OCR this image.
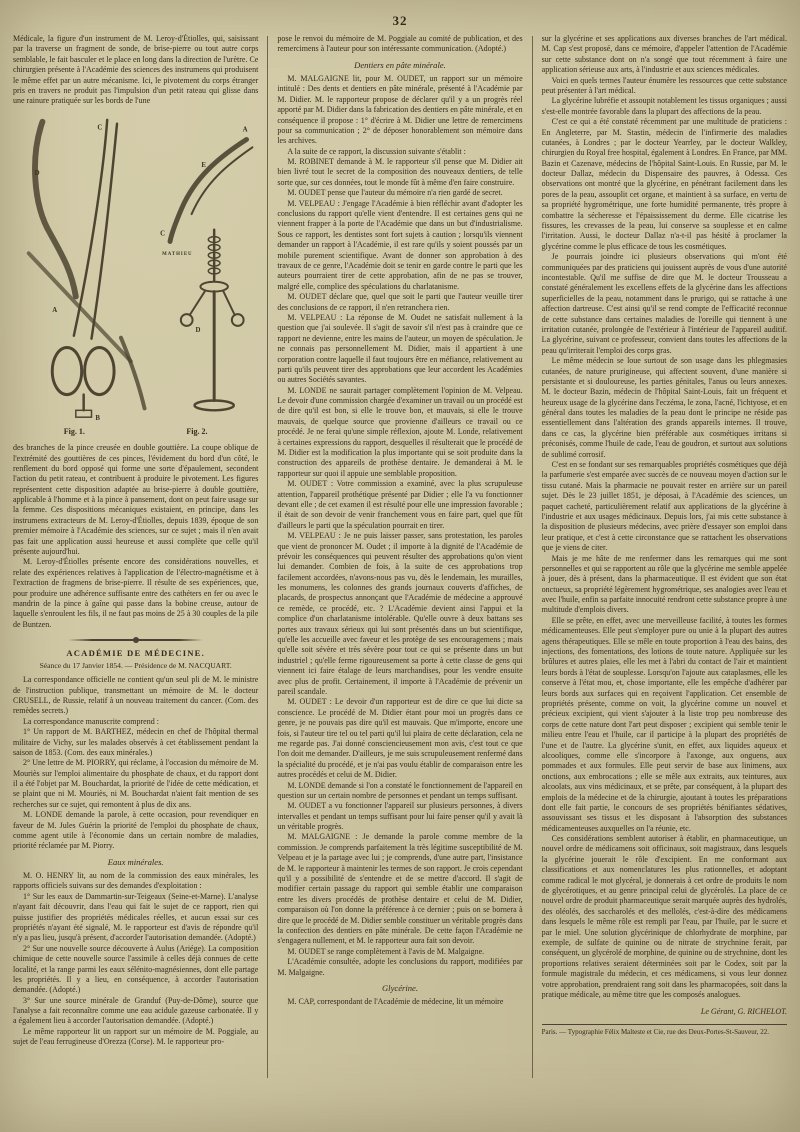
32

Médicale, la figure d'un instrument de M. Leroy-d'Étiolles, qui, saisissant par la traverse un fragment de sonde, de brise-pierre ou tout autre corps semblable, le fait basculer et le place en long dans la direction de l'urètre. Ce chirurgien présente à l'Académie des sciences des instrumens qui produisent le même effet par un autre mécanisme. Ici, le pivotement du corps étranger pris en travers ne produit pas l'impulsion d'un petit rateau qui glisse dans une rainure pratiquée sur les bords de l'une

D
C
A
B
A
E
C
D
MATHIEU
Fig. 1.	Fig. 2.

des branches de la pince creusée en double gouttière. La coupe oblique de l'extrémité des gouttières de ces pinces, l'évidement du bord d'un côté, le renflement du bord opposé qui forme une sorte d'épaulement, secondent l'action du petit rateau, et contribuent à produire le pivotement. Les figures représentent cette disposition adaptée au brise-pierre à double gouttière, applicable à l'homme et à la pince à pansement, dont on peut faire usage sur la femme. Ces dispositions mécaniques existaient, en principe, dans les instrumens extracteurs de M. Leroy-d'Étiolles, depuis 1839, époque de son premier mémoire à l'Académie des sciences, sur ce sujet ; mais il n'en avait pas fait une application aussi heureuse et aussi complète que celle qu'il présente aujourd'hui.

M. Leroy-d'Étiolles présente encore des considérations nouvelles, et relate des expériences relatives à l'application de l'électro-magnétisme et à l'extraction de fragmens de brise-pierre. Il résulte de ses expériences, que, pour produire une adhérence suffisante entre des cathéters en fer ou avec le mandrin de la pince à gaîne qui passe dans la bobine creuse, autour de laquelle s'enroulent les fils, il ne faut pas moins de 25 à 30 couples de la pile de Buntzen.

ACADÉMIE DE MÉDECINE.

Séance du 17 Janvier 1854. — Présidence de M. NACQUART.

La correspondance officielle ne contient qu'un seul pli de M. le ministre de l'instruction publique, transmettant un mémoire de M. le docteur CRUSELL, de Russie, relatif à un nouveau traitement du cancer. (Com. des remèdes secrets.)

La correspondance manuscrite comprend :

1° Un rapport de M. BARTHEZ, médecin en chef de l'hôpital thermal militaire de Vichy, sur les malades observés à cet établissement pendant la saison de 1853. (Com. des eaux minérales.)

2° Une lettre de M. PIORRY, qui réclame, à l'occasion du mémoire de M. Mouriès sur l'emploi alimentaire du phosphate de chaux, et du rapport dont il a été l'objet par M. Bouchardat, la priorité de l'idée de cette médication, et se plaint que ni M. Mouriès, ni M. Bouchardat n'aient fait mention de ses recherches sur ce sujet, qui remontent à plus de dix ans.

M. LONDE demande la parole, à cette occasion, pour revendiquer en faveur de M. Jules Guérin la priorité de l'emploi du phosphate de chaux, comme agent utile à l'économie dans un certain nombre de maladies, priorité réclamée par M. Piorry.

Eaux minérales.

M. O. HENRY lit, au nom de la commission des eaux minérales, les rapports officiels suivans sur des demandes d'exploitation :

1° Sur les eaux de Dammartin-sur-Teigeaux (Seine-et-Marne). L'analyse n'ayant fait découvrir, dans l'eau qui fait le sujet de ce rapport, rien qui puisse justifier des propriétés médicales réelles, et aucun essai sur ces propriétés n'ayant été signalé, M. le rapporteur est d'avis de répondre qu'il n'y a pas lieu, jusqu'à présent, d'accorder l'autorisation demandée. (Adopté.)

2° Sur une nouvelle source découverte à Aulus (Ariége). La composition chimique de cette nouvelle source l'assimile à celles déjà connues de cette localité, et la range parmi les eaux sélénito-magnésiennes, dont elle partage les propriétés. Il y a lieu, en conséquence, à accorder l'autorisation demandée. (Adopté.)

3° Sur une source minérale de Granduf (Puy-de-Dôme), source que l'analyse a fait reconnaître comme une eau acidule gazeuse carbonatée. Il y a également lieu à accorder l'autorisation demandée. (Adopté.)

Le même rapporteur lit un rapport sur un mémoire de M. Poggiale, au sujet de l'eau ferrugineuse d'Orezza (Corse). M. le rapporteur pro-

pose le renvoi du mémoire de M. Poggiale au comité de publication, et des remercimens à l'auteur pour son intéressante communication. (Adopté.)

Dentiers en pâte minérale.

M. MALGAIGNE lit, pour M. OUDET, un rapport sur un mémoire intitulé : Des dents et dentiers en pâte minérale, présenté à l'Académie par M. Didier. M. le rapporteur propose de déclarer qu'il y a un progrès réel apporté par M. Didier dans la fabrication des dentiers en pâte minérale, et en conséquence il propose : 1° d'écrire à M. Didier une lettre de remercimens pour sa communication ; 2° de déposer honorablement son mémoire dans les archives.

A la suite de ce rapport, la discussion suivante s'établit :

M. ROBINET demande à M. le rapporteur s'il pense que M. Didier ait bien livré tout le secret de la composition des nouveaux dentiers, de telle sorte que, sur ces données, tout le monde fût à même d'en faire construire.

M. OUDET pense que l'auteur du mémoire n'a rien gardé de secret.

M. VELPEAU : J'engage l'Académie à bien réfléchir avant d'adopter les conclusions du rapport qu'elle vient d'entendre. Il est certaines gens qui ne viennent frapper à la porte de l'Académie que dans un but d'industrialisme. Sous ce rapport, les dentistes sont fort sujets à caution ; lorsqu'ils viennent demander un rapport à l'Académie, il est rare qu'ils y soient poussés par un mobile purement scientifique. Avant de donner son approbation à des travaux de ce genre, l'Académie doit se tenir en garde contre le parti que les auteurs pourraient tirer de cette approbation, afin de ne pas se trouver, malgré elle, complice des spéculations du charlatanisme.

M. OUDET déclare que, quel que soit le parti que l'auteur veuille tirer des conclusions de ce rapport, il n'en retranchera rien.

M. VELPEAU : La réponse de M. Oudet ne satisfait nullement à la question que j'ai soulevée. Il s'agit de savoir s'il n'est pas à craindre que ce rapport ne devienne, entre les mains de l'auteur, un moyen de spéculation. Je ne connais pas personnellement M. Didier, mais il appartient à une corporation contre laquelle il faut toujours être en méfiance, relativement au parti qu'ils peuvent tirer des approbations que leur accordent les Académies ou autres Sociétés savantes.

M. LONDE ne saurait partager complètement l'opinion de M. Velpeau. Le devoir d'une commission chargée d'examiner un travail ou un procédé est de dire qu'il est bon, si elle le trouve bon, et mauvais, si elle le trouve mauvais, de quelque source que provienne d'ailleurs ce travail ou ce procédé. Je ne ferai qu'une simple réflexion, ajoute M. Londe, relativement à certaines expressions du rapport, desquelles il résulterait que le procédé de M. Didier est la modification la plus importante qui se soit produite dans la construction des appareils de prothèse dentaire. Je demanderai à M. le rapporteur sur quoi il appuie une semblable proposition.

M. OUDET : Votre commission a examiné, avec la plus scrupuleuse attention, l'appareil prothétique présenté par Didier ; elle l'a vu fonctionner devant elle ; de cet examen il est résulté pour elle une impression favorable ; il était de son devoir de venir franchement vous en faire part, quel que fût d'ailleurs le parti que la spéculation pourrait en tirer.

M. VELPEAU : Je ne puis laisser passer, sans protestation, les paroles que vient de prononcer M. Oudet ; il importe à la dignité de l'Académie de prévoir les conséquences qui peuvent résulter des approbations qu'on vient lui demander. Combien de fois, à la suite de ces approbations trop facilement accordées, n'avons-nous pas vu, dès le lendemain, les murailles, les monumens, les colonnes des grands journaux couverts d'affiches, de placards, de prospectus annonçant que l'Académie de médecine a approuvé ce remède, ce procédé, etc. ? L'Académie devient ainsi l'appui et la complice d'un charlatanisme intolérable. Qu'elle ouvre à deux battans ses portes aux travaux sérieux qui lui sont présentés dans un but scientifique, qu'elle les accueille avec faveur et les protège de ses encouragemens ; mais qu'elle soit sévère et très sévère pour tout ce qui se présente dans un but industriel ; qu'elle ferme rigoureusement sa porte à cette classe de gens qui viennent ici faire étalage de leurs marchandises, pour les vendre ensuite avec plus de profit. Certainement, il importe à l'Académie de prévenir un pareil scandale.

M. OUDET : Le devoir d'un rapporteur est de dire ce que lui dicte sa conscience. Le procédé de M. Didier étant pour moi un progrès dans ce genre, je ne pouvais pas dire qu'il est mauvais. Que m'importe, encore une fois, si l'auteur tire tel ou tel parti qu'il lui plaira de cette déclaration, cela ne me regarde pas. J'ai donné consciencieusement mon avis, c'est tout ce que l'on doit me demander. D'ailleurs, je me suis scrupuleusement renfermé dans la spécialité du procédé, et je n'ai pas voulu établir de comparaison entre les autres procédés et celui de M. Didier.

M. LONDE demande si l'on a constaté le fonctionnement de l'appareil en question sur un certain nombre de personnes et pendant un temps suffisant.

M. OUDET a vu fonctionner l'appareil sur plusieurs personnes, à divers intervalles et pendant un temps suffisant pour lui faire penser qu'il y avait là un véritable progrès.

M. MALGAIGNE : Je demande la parole comme membre de la commission. Je comprends parfaitement la très légitime susceptibilité de M. Velpeau et je la partage avec lui ; je comprends, d'une autre part, l'insistance de M. le rapporteur à maintenir les termes de son rapport. Je crois cependant qu'il y a possibilité de s'entendre et de se mettre d'accord. Il s'agit de modifier certain passage du rapport qui semble établir une comparaison entre les divers procédés de prothèse dentaire et celui de M. Didier, comparaison où l'on donne la préférence à ce dernier ; puis on se bornera à dire que le procédé de M. Didier semble constituer un véritable progrès dans la confection des dentiers en pâte minérale. De cette façon l'Académie ne s'engagera nullement, et M. le rapporteur aura fait son devoir.

M. OUDET se range complètement à l'avis de M. Malgaigne.

L'Académie consultée, adopte les conclusions du rapport, modifiées par M. Malgaigne.

Glycérine.

M. CAP, correspondant de l'Académie de médecine, lit un mémoire

sur la glycérine et ses applications aux diverses branches de l'art médical. M. Cap s'est proposé, dans ce mémoire, d'appeler l'attention de l'Académie sur cette substance dont on n'a songé que tout récemment à faire une application sérieuse aux arts, à l'industrie et aux sciences médicales.

Voici en quels termes l'auteur énumère les ressources que cette substance peut présenter à l'art médical.

La glycérine lubréfie et assoupit notablement les tissus organiques ; aussi s'est-elle montrée favorable dans la plupart des affections de la peau.

C'est ce qui a été constaté récemment par une multitude de praticiens : En Angleterre, par M. Stastin, médecin de l'infirmerie des maladies cutanées, à Londres ; par le docteur Yearrley, par le docteur Walkley, chirurgien du Royal free hospital, également à Londres. En France, par MM. Bazin et Cazenave, médecins de l'hôpital Saint-Louis. En Russie, par M. le docteur Dallaz, médecin du Dispensaire des pauvres, à Odessa. Ces observations ont montré que la glycérine, en pénétrant facilement dans les pores de la peau, assouplit cet organe, et maintient à sa surface, en vertu de sa propriété hygrométrique, une forte humidité permanente, très propre à combattre la sécheresse et l'épaississement du derme. Elle cicatrise les fissures, les crevasses de la peau, lui conserve sa souplesse et en calme l'irritation. Aussi, le docteur Dallaz n'a-t-il pas hésité à proclamer la glycérine comme le plus efficace de tous les cosmétiques.

Je pourrais joindre ici plusieurs observations qui m'ont été communiquées par des praticiens qui jouissent auprès de vous d'une autorité incontestable. Qu'il me suffise de dire que M. le docteur Trousseau a constaté généralement les excellens effets de la glycérine dans les affections superficielles de la peau, notamment dans le prurigo, qui se rattache à une affection dartreuse. C'est ainsi qu'il se rend compte de l'efficacité reconnue de cette substance dans certaines maladies de l'oreille qui tiennent à une irritation cutanée, prolongée de l'extérieur à l'intérieur de l'appareil auditif. La glycérine, suivant ce professeur, convient dans toutes les affections de la peau qu'irriterait l'emploi des corps gras.

Le même médecin se loue surtout de son usage dans les phlegmasies cutanées, de nature prurigineuse, qui affectent souvent, d'une manière si persistante et si douloureuse, les parties génitales, l'anus ou leurs annexes. M. le docteur Bazin, médecin de l'hôpital Saint-Louis, fait un fréquent et heureux usage de la glycérine dans l'eczéma, le zona, l'acné, l'ichtyose, et en général dans toutes les maladies de la peau dont le principe ne réside pas essentiellement dans l'altération des grands appareils internes. Il trouve, dans ce cas, la glycérine bien préférable aux cosmétiques irritans si préconisés, comme l'huile de cade, l'eau de goudron, et surtout aux solutions de sublimé corrosif.

C'est en se fondant sur ses remarquables propriétés cosmétiques que déjà la parfumerie s'est emparée avec succès de ce nouveau moyen d'action sur le tissu cutané. Mais la pharmacie ne pouvait rester en arrière sur un pareil sujet. Dès le 23 juillet 1851, je déposai, à l'Académie des sciences, un paquet cacheté, particulièrement relatif aux applications de la glycérine à l'industrie et aux usages médicinaux. Depuis lors, j'ai mis cette substance à la disposition de plusieurs médecins, avec prière d'essayer son emploi dans leur pratique, et c'est à cette circonstance que se rattachent les observations que je viens de citer.

Mais je me hâte de me renfermer dans les remarques qui me sont personnelles et qui se rapportent au rôle que la glycérine me semble appelée à jouer, dès à présent, dans la pharmaceutique. Il est évident que son état onctueux, sa propriété légèrement hygrométrique, ses analogies avec l'eau et avec l'huile, enfin sa parfaite innocuité rendront cette substance propre à une multitude d'emplois divers.

Elle se prête, en effet, avec une merveilleuse facilité, à toutes les formes médicamenteuses. Elle peut s'employer pure ou unie à la plupart des autres agens thérapeutiques. Elle se mêle en toute proportion à l'eau des bains, des injections, des fomentations, des lotions de toute nature. Appliquée sur les brûlures et autres plaies, elle les met à l'abri du contact de l'air et maintient leurs bords à l'état de souplesse. Lorsqu'on l'ajoute aux cataplasmes, elle les conserve à l'état mou, et, chose importante, elle les empêche d'adhérer par leurs bords aux surfaces qui en reçoivent l'application. Cet ensemble de propriétés présente, comme on voit, la glycérine comme un nouvel et précieux excipient, qui vient s'ajouter à la liste trop peu nombreuse des corps de cette nature dont l'art peut disposer ; excipient qui semble tenir le milieu entre l'eau et l'huile, car il participe à la plupart des propriétés de l'une et de l'autre. La glycérine s'unit, en effet, aux liquides aqueux et alcooliques, comme elle s'incorpore à l'axonge, aux onguens, aux pommades et aux formules. Elle peut servir de base aux linimens, aux onctions, aux embrocations ; elle se mêle aux extraits, aux teintures, aux alcoolats, aux vins médicinaux, et se prête, par conséquent, à la plupart des emplois de la médecine et de la chirurgie, ajoutant à toutes les préparations dont elle fait partie, le concours de ses propriétés bénifiantes sédatives, assouvissant ses tissus et les disposant à l'absorption des substances médicamenteuses auxquelles on l'a réunie, etc.

Ces considérations semblent autoriser à établir, en pharmaceutique, un nouvel ordre de médicamens soit officinaux, soit magistraux, dans lesquels la glycérine jouerait le rôle d'excipient. En me conformant aux classifications et aux nomenclatures les plus rationnelles, et adoptant comme radical le mot glycéral, je donnerais à cet ordre de produits le nom de glycérotiques, et au genre principal celui de glycérolés. La place de ce nouvel ordre de produit pharmaceutique serait marquée auprès des hydrolés, des oléolés, des saccharolés et des mellolés, c'est-à-dire des médicamens dans lesquels le même rôle est rempli par l'eau, par l'huile, par le sucre et par le miel. Une solution glycérinique de chlorhydrate de morphine, par exemple, de sulfate de quinine ou de nitrate de strychnine ferait, par conséquent, un glycérolé de morphine, de quinine ou de strychnine, dont les proportions relatives seraient déterminées soit par le Codex, soit par la formule magistrale du médecin, et ces médicamens, si vous leur donnez votre approbation, prendraient rang soit dans les pharmacopées, soit dans la pratique médicale, au même titre que les composés analogues.

Le Gérant, G. RICHELOT.

Paris. — Typographie Félix Malteste et Cie, rue des Deux-Portes-St-Sauveur, 22.
